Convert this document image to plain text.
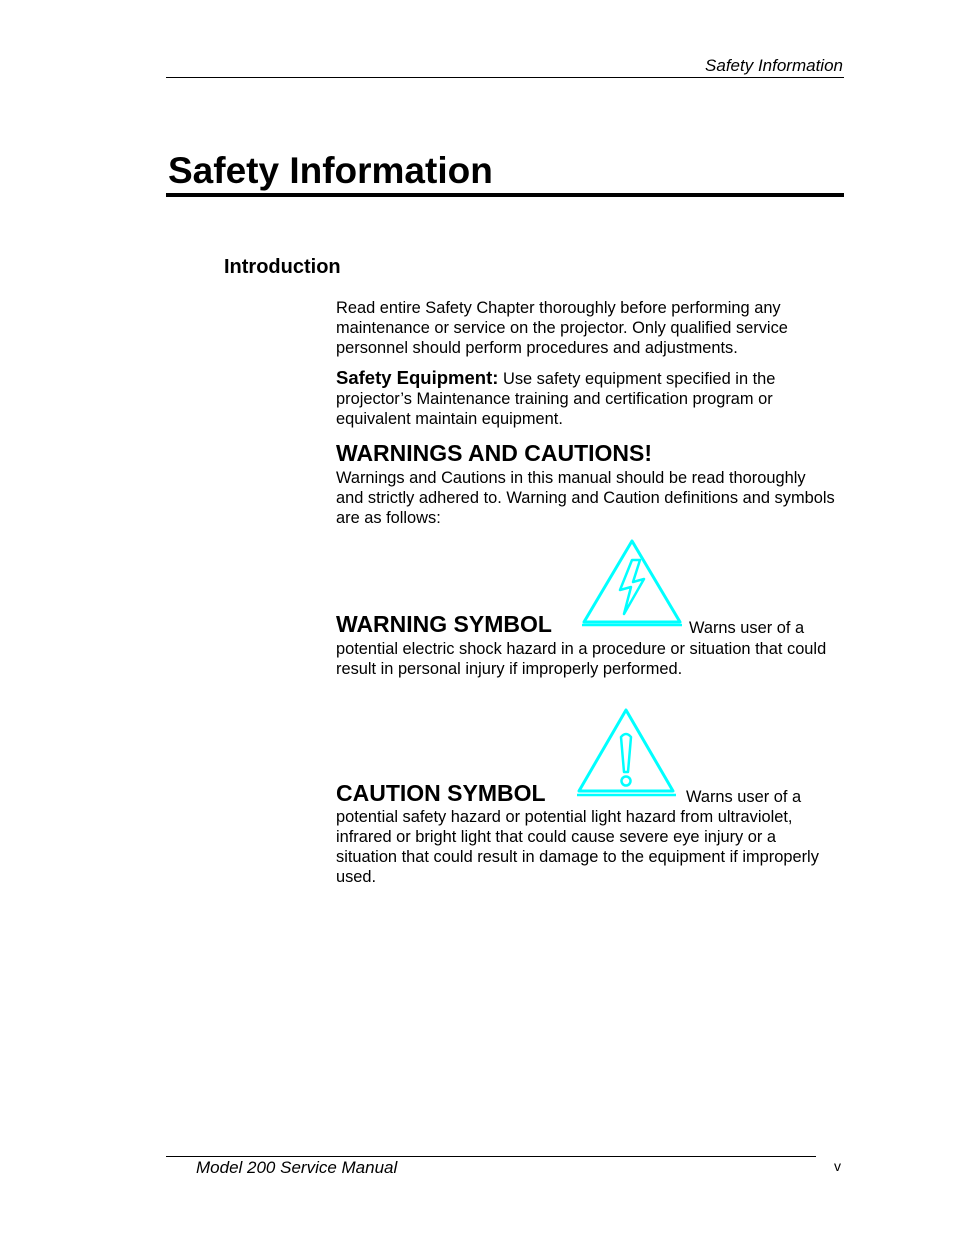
Safety Information
Safety Information
Introduction

Read entire Safety Chapter thoroughly before performing any maintenance or service on the projector. Only qualified service personnel should perform procedures and adjustments.

Safety Equipment: Use safety equipment specified in the projector’s Maintenance training and certification program or equivalent maintain equipment.

WARNINGS AND CAUTIONS!

Warnings and Cautions in this manual should be read thoroughly and strictly adhered to. Warning and Caution definitions and symbols are as follows:

WARNING SYMBOL	Warns user of a

potential electric shock hazard in a procedure or situation that could result in personal injury if improperly performed.

CAUTION SYMBOL	Warns user of a

potential safety hazard or potential light hazard from ultraviolet, infrared or bright light that could cause severe eye injury or a situation that could result in damage to the equipment if improperly used.

Model 200 Service Manual	v
